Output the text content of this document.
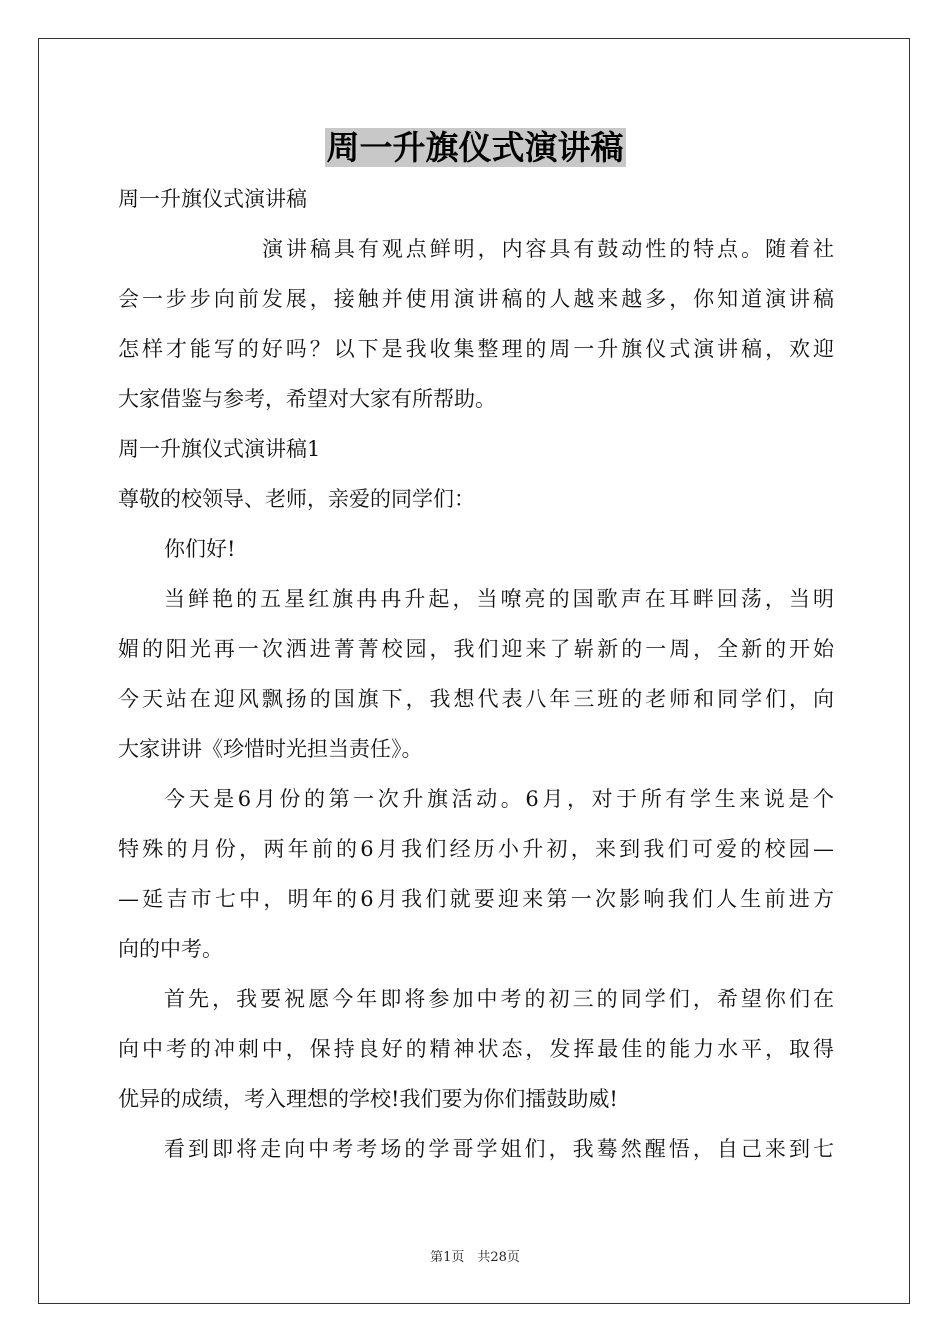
周一升旗仪式演讲稿
周一升旗仪式演讲稿
演讲稿具有观点鲜明，内容具有鼓动性的特点。随着社
会一步步向前发展，接触并使用演讲稿的人越来越多，你知道演讲稿
怎样才能写的好吗？以下是我收集整理的周一升旗仪式演讲稿，欢迎
大家借鉴与参考，希望对大家有所帮助。
周一升旗仪式演讲稿1
尊敬的校领导、老师，亲爱的同学们：
你们好!
当鲜艳的五星红旗冉冉升起，当嘹亮的国歌声在耳畔回荡，当明
媚的阳光再一次洒进菁菁校园，我们迎来了崭新的一周，全新的开始
今天站在迎风飘扬的国旗下，我想代表八年三班的老师和同学们，向
大家讲讲《珍惜时光担当责任》。
今天是6月份的第一次升旗活动。6月，对于所有学生来说是个
特殊的月份，两年前的6月我们经历小升初，来到我们可爱的校园—
—延吉市七中，明年的6月我们就要迎来第一次影响我们人生前进方
向的中考。
首先，我要祝愿今年即将参加中考的初三的同学们，希望你们在
向中考的冲刺中，保持良好的精神状态，发挥最佳的能力水平，取得
优异的成绩，考入理想的学校!我们要为你们擂鼓助威!
看到即将走向中考考场的学哥学姐们，我蓦然醒悟，自己来到七
第1页　共28页
